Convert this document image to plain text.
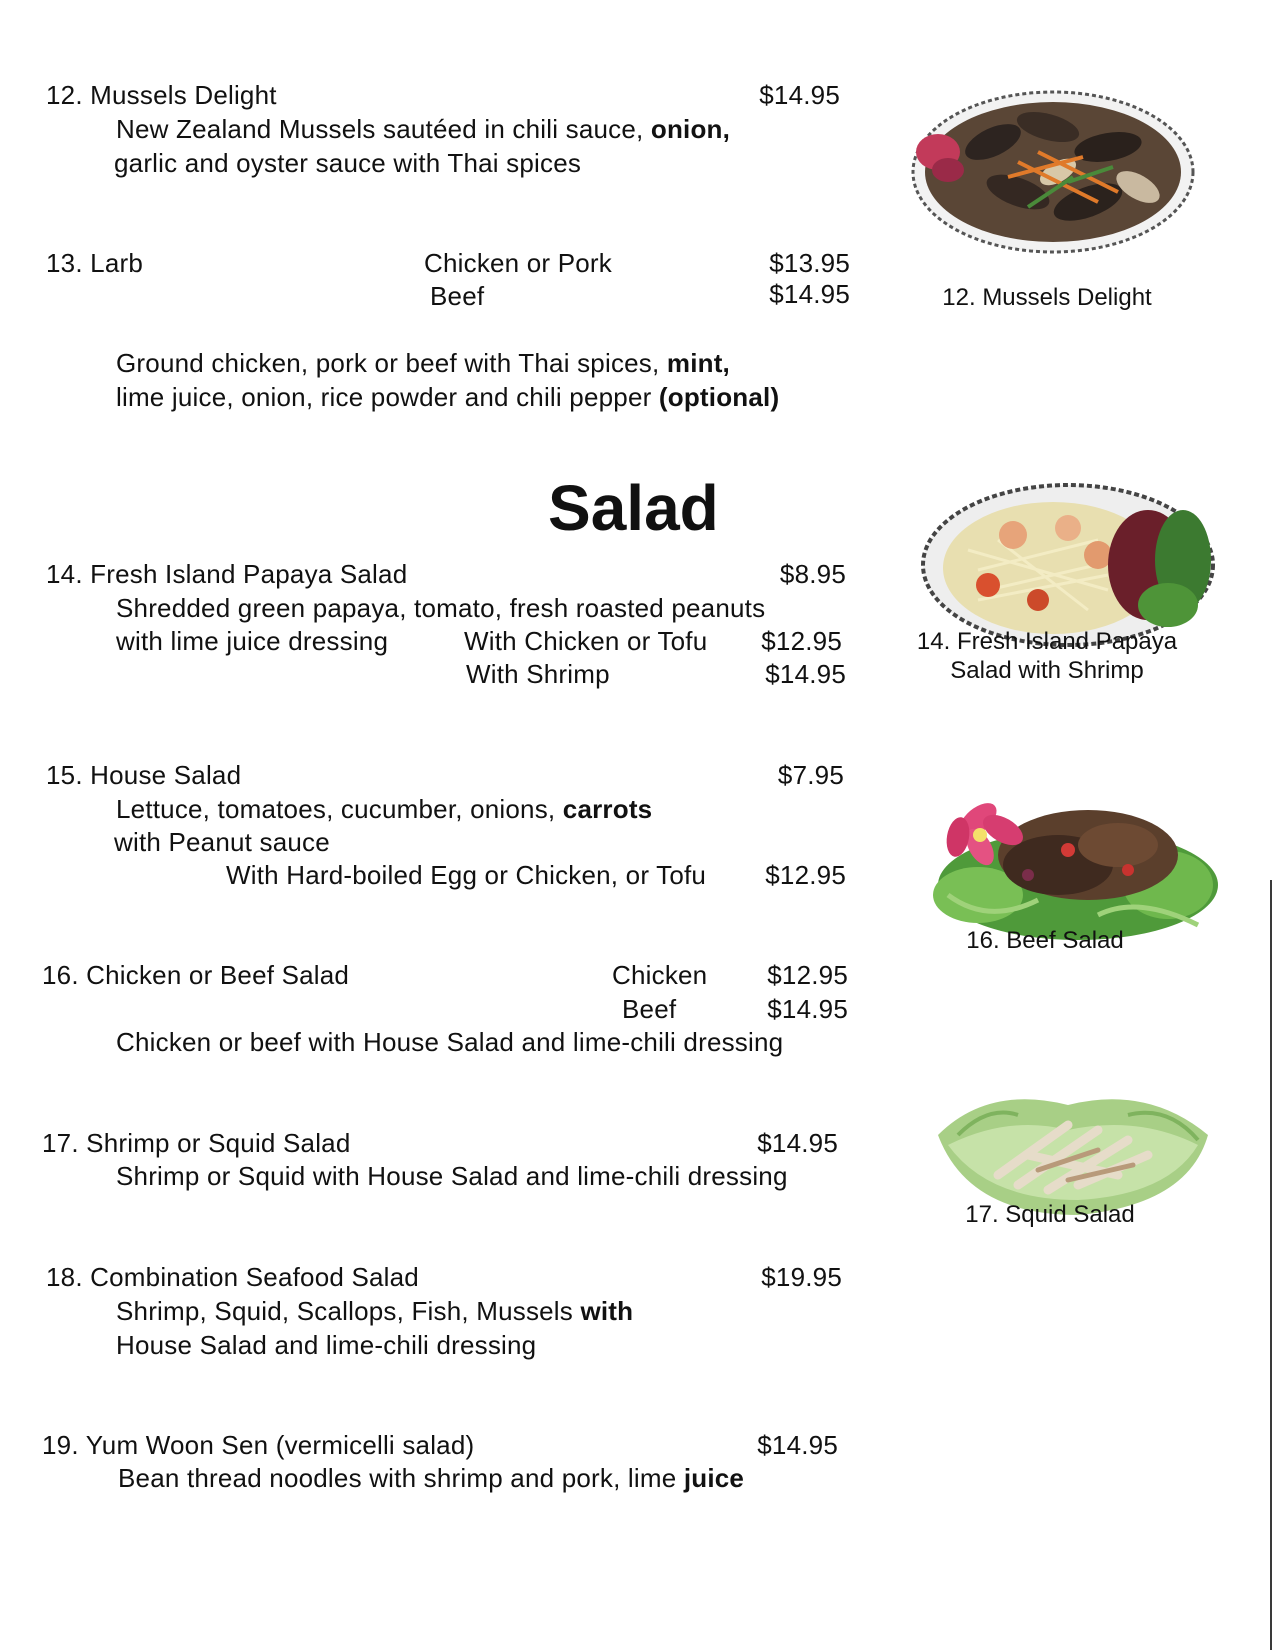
12. Mussels Delight	$14.95
New Zealand Mussels sautéed in chili sauce, onion,
garlic and oyster sauce with Thai spices
13. Larb	Chicken or Pork	$13.95
Beef	$14.95
Ground chicken, pork or beef with Thai spices, mint,
lime juice, onion, rice powder and chili pepper (optional)
Salad
14. Fresh Island Papaya Salad	$8.95
Shredded green papaya, tomato, fresh roasted peanuts
with lime juice dressing	With Chicken or Tofu	$12.95
With Shrimp	$14.95
15. House Salad	$7.95
Lettuce, tomatoes, cucumber, onions, carrots
with Peanut sauce
With Hard-boiled Egg or Chicken, or Tofu	$12.95
16. Chicken or Beef Salad	Chicken	$12.95
Beef	$14.95
Chicken or beef with House Salad and lime-chili dressing
17. Shrimp or Squid Salad	$14.95
Shrimp or Squid with House Salad and lime-chili dressing
18. Combination Seafood Salad	$19.95
Shrimp, Squid, Scallops, Fish, Mussels with
House Salad and lime-chili dressing
19. Yum Woon Sen (vermicelli salad)	$14.95
Bean thread noodles with shrimp and pork, lime juice
12. Mussels Delight
14. Fresh Island Papaya
Salad with Shrimp
16. Beef Salad
17. Squid Salad
